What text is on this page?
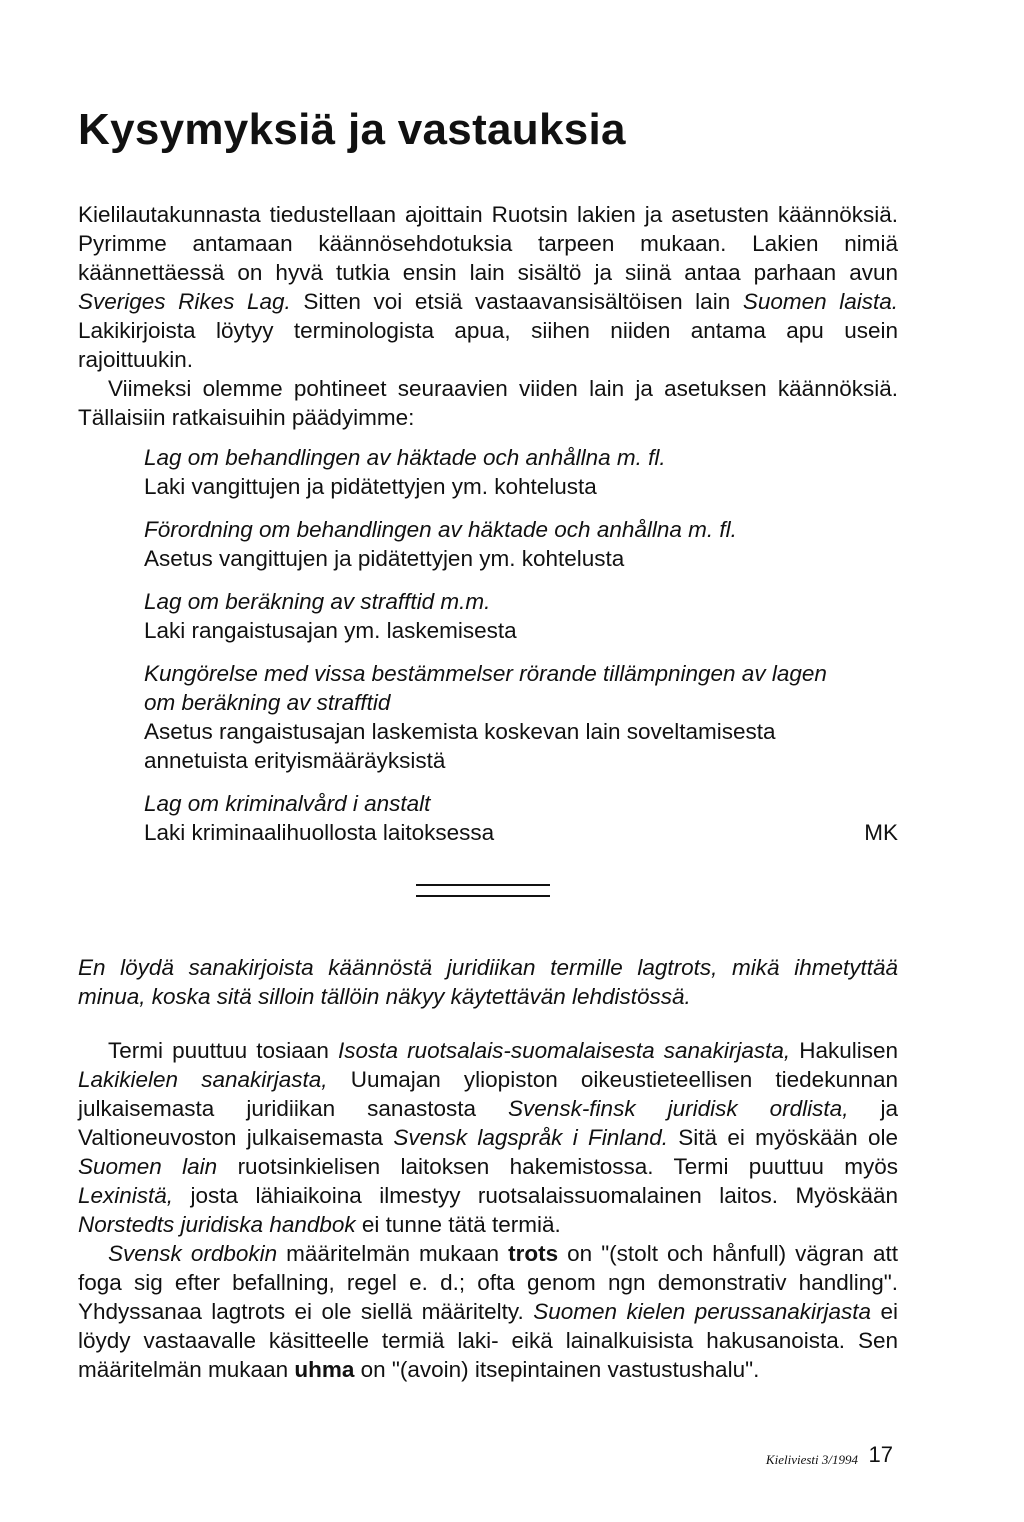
Kysymyksiä ja vastauksia

Kielilautakunnasta tiedustellaan ajoittain Ruotsin lakien ja asetusten käännöksiä. Pyrimme antamaan käännösehdotuksia tarpeen mukaan. Lakien nimiä käännettäessä on hyvä tutkia ensin lain sisältö ja siinä antaa parhaan avun Sveriges Rikes Lag. Sitten voi etsiä vastaavansisältöisen lain Suomen laista. Lakikirjoista löytyy terminologista apua, siihen niiden antama apu usein rajoittuukin.

Viimeksi olemme pohtineet seuraavien viiden lain ja asetuksen käännöksiä. Tällaisiin ratkaisuihin päädyimme:

Lag om behandlingen av häktade och anhållna m. fl.
Laki vangittujen ja pidätettyjen ym. kohtelusta
Förordning om behandlingen av häktade och anhållna m. fl.
Asetus vangittujen ja pidätettyjen ym. kohtelusta
Lag om beräkning av strafftid m.m.
Laki rangaistusajan ym. laskemisesta
Kungörelse med vissa bestämmelser rörande tillämpningen av lagen om beräkning av strafftid
Asetus rangaistusajan laskemista koskevan lain soveltamisesta annetuista erityismääräyksistä
Lag om kriminalvård i anstalt
Laki kriminaalihuollosta laitoksessa	MK

En löydä sanakirjoista käännöstä juridiikan termille lagtrots, mikä ihmetyttää minua, koska sitä silloin tällöin näkyy käytettävän lehdistössä.

Termi puuttuu tosiaan Isosta ruotsalais-suomalaisesta sanakirjasta, Hakulisen Lakikielen sanakirjasta, Uumajan yliopiston oikeustieteellisen tiedekunnan julkaisemasta juridiikan sanastosta Svensk-finsk juridisk ordlista, ja Valtioneuvoston julkaisemasta Svensk lagspråk i Finland. Sitä ei myöskään ole Suomen lain ruotsinkielisen laitoksen hakemistossa. Termi puuttuu myös Lexinistä, josta lähiaikoina ilmestyy ruotsalaissuomalainen laitos. Myöskään Norstedts juridiska handbok ei tunne tätä termiä.

Svensk ordbokin määritelmän mukaan trots on "(stolt och hånfull) vägran att foga sig efter befallning, regel e. d.; ofta genom ngn demonstrativ handling". Yhdyssanaa lagtrots ei ole siellä määritelty. Suomen kielen perussanakirjasta ei löydy vastaavalle käsitteelle termiä laki- eikä lainalkuisista hakusanoista. Sen määritelmän mukaan uhma on "(avoin) itsepintainen vastustushalu".

Kieliviesti 3/1994 17
